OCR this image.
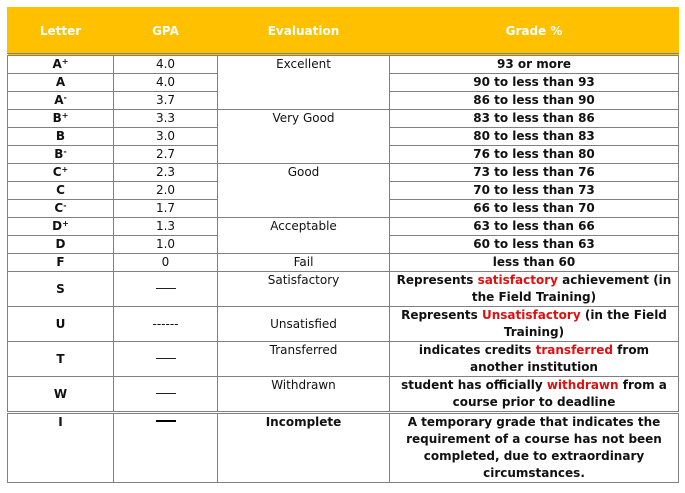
Letter	GPA	Evaluation	Grade %
A+	4.0	Excellent	93 or more
A	4.0		90 to less than 93
A-	3.7		86 to less than 90
B+	3.3	Very Good	83 to less than 86
B	3.0		80 to less than 83
B-	2.7		76 to less than 80
C+	2.3	Good	73 to less than 76
C	2.0		70 to less than 73
C-	1.7		66 to less than 70
D+	1.3	Acceptable	63 to less than 66
D	1.0		60 to less than 63
F	0	Fail	less than 60
S		Satisfactory	Represents satisfactory achievement (in the Field Training)
U	------	Unsatisfied	Represents Unsatisfactory (in the Field Training)
T		Transferred	indicates credits transferred from another institution
W		Withdrawn	student has officially withdrawn from a course prior to deadline
I		Incomplete	A temporary grade that indicates the requirement of a course has not been completed, due to extraordinary circumstances.
